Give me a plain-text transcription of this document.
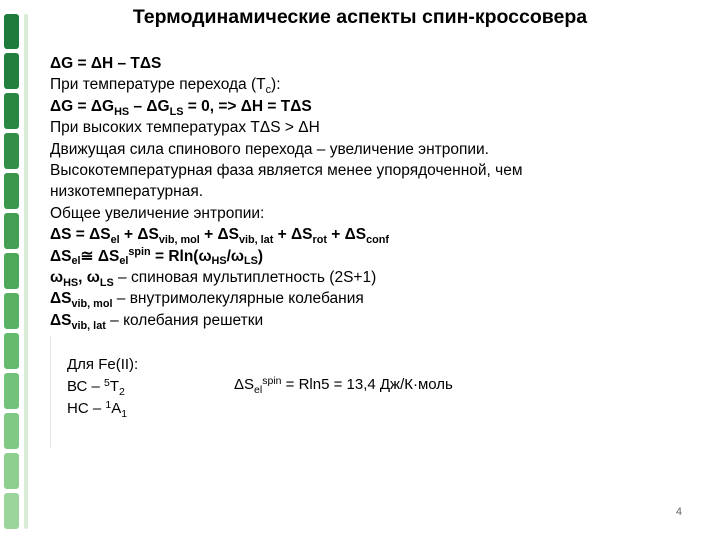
Термодинамические аспекты спин-кроссовера
ΔG = ΔH – TΔS
При температуре перехода $(T_c)$:
$\Delta G = \Delta G_{HS} - \Delta G_{LS} = 0$, => ΔH = TΔS
При высоких температурах TΔS > ΔH
Движущая сила спинового перехода – увеличение энтропии.
Высокотемпературная фаза является менее упорядоченной, чем
низкотемпературная.
Общее увеличение энтропии:
$\Delta S = \Delta S_{el} + \Delta S_{vib, mol} + \Delta S_{vib, lat} + \Delta S_{rot} + \Delta S_{conf}$
$\Delta S_{el}≅$ $\Delta S_{el}^{spin} = Rln(\omega_{HS}/\omega_{LS})$
$\omega_{HS}$, $\omega_{LS}$ – спиновая мультиплетность (2S+1)
$\Delta S_{vib, mol}$ – внутримолекулярные колебания
$\Delta S_{vib, lat}$ – колебания решетки
Для Fe(II):
ВС – $^5T_2$
НС – $^1A_1$
$\Delta S_{el}^{spin} = Rln5 = 13,4$ Дж/К·моль
4
